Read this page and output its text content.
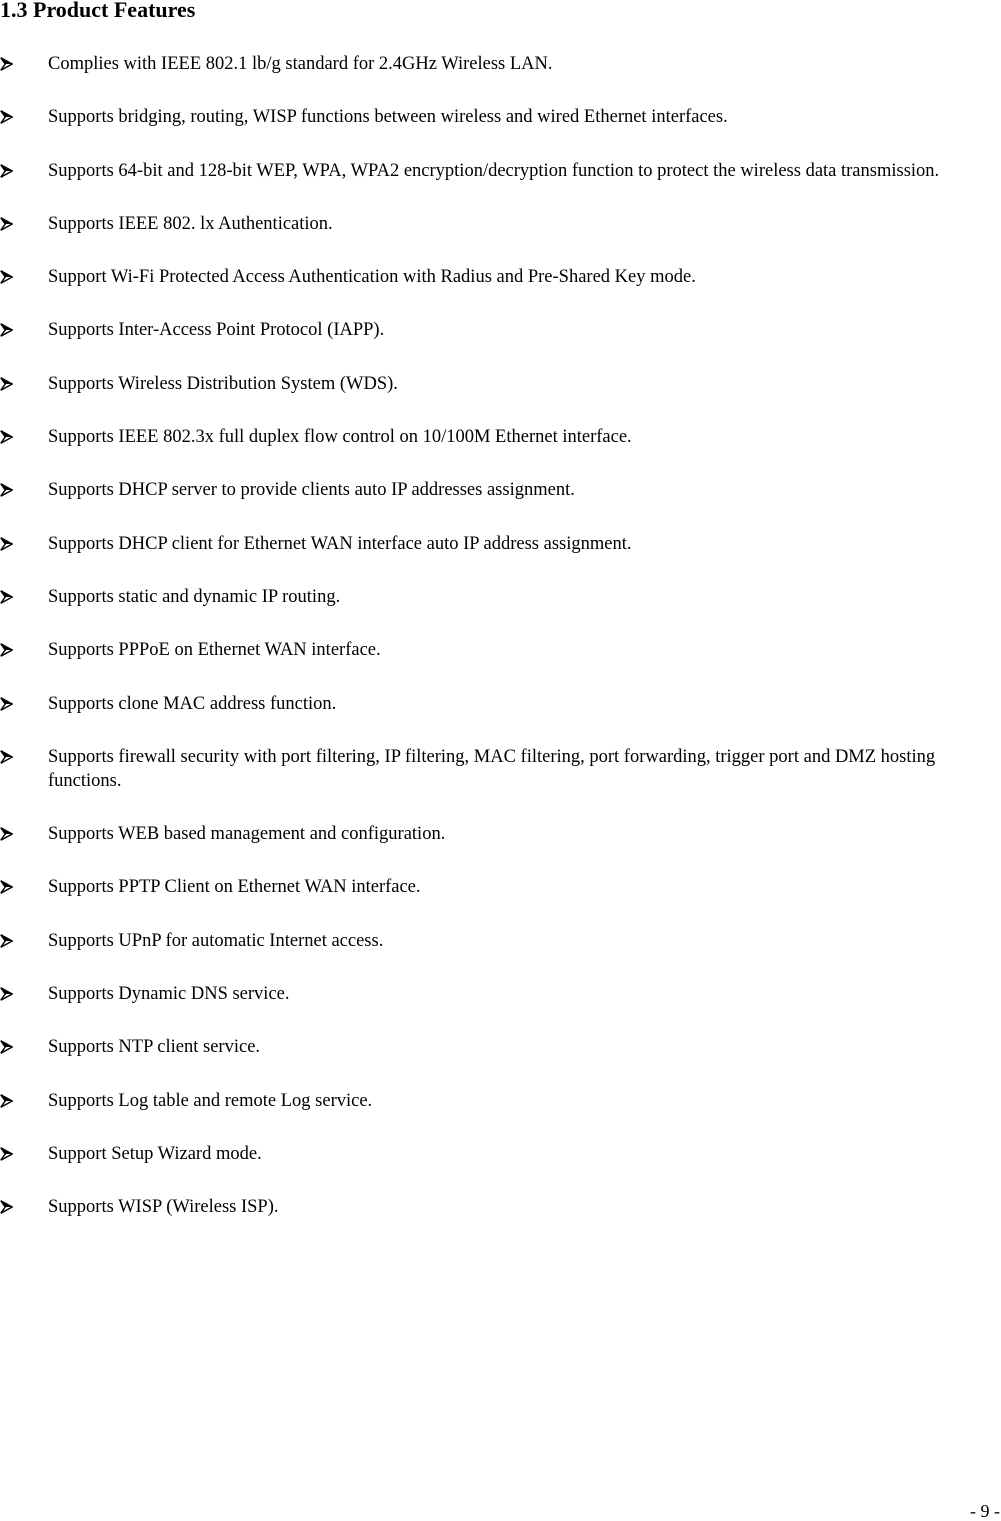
1.3 Product Features
Complies with IEEE 802.1 lb/g standard for 2.4GHz Wireless LAN.
Supports bridging, routing, WISP functions between wireless and wired Ethernet interfaces.
Supports 64-bit and 128-bit WEP, WPA, WPA2 encryption/decryption function to protect the wireless data transmission.
Supports IEEE 802. lx Authentication.
Support Wi-Fi Protected Access Authentication with Radius and Pre-Shared Key mode.
Supports Inter-Access Point Protocol (IAPP).
Supports Wireless Distribution System (WDS).
Supports IEEE 802.3x full duplex flow control on 10/100M Ethernet interface.
Supports DHCP server to provide clients auto IP addresses assignment.
Supports DHCP client for Ethernet WAN interface auto IP address assignment.
Supports static and dynamic IP routing.
Supports PPPoE on Ethernet WAN interface.
Supports clone MAC address function.
Supports firewall security with port filtering, IP filtering, MAC filtering, port forwarding, trigger port and DMZ hosting functions.
Supports WEB based management and configuration.
Supports PPTP Client on Ethernet WAN interface.
Supports UPnP for automatic Internet access.
Supports Dynamic DNS service.
Supports NTP client service.
Supports Log table and remote Log service.
Support Setup Wizard mode.
Supports WISP (Wireless ISP).
- 9 -
